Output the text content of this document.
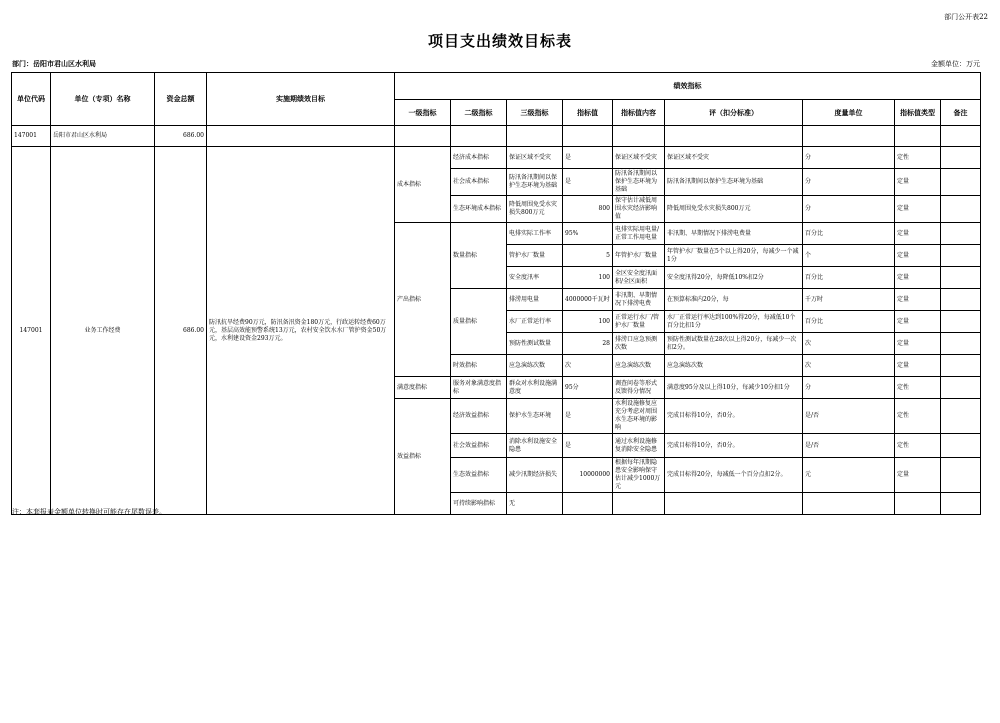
部门公开表22
项目支出绩效目标表
部门：岳阳市君山区水利局	金额单位：万元
单位代码	单位（专项）名称	资金总额	实施期绩效目标	绩效指标								
				一级指标	二级指标	三级指标	指标值	指标值内容	评（扣分标准）	度量单位	指标值类型	备注
147001	岳阳市君山区水利局	686.00										
147001	业务工作经费	686.00	防汛抗旱经费90万元，防汛备汛资金180万元，行政运转经费60万元，基层高效能预警系统13万元，农村安全饮水水厂管护资金50万元，水利建设资金293万元。	成本指标	经济成本指标	保证区域不受灾	是	保证区域不受灾	保证区域不受灾	分	定性	
					社会成本指标	防汛备汛期间以保护生态环境为基础	是	防汛备汛期间以保护生态环境为基础	防汛备汛期间以保护生态环境为基础	分	定量	
					生态环境成本指标	降低周围免受水灾损失800万元	800	保守估计减低周围水灾经济影响值	降低周围免受水灾损失800万元	分	定量	
				产出指标	数量指标	电排实际工作率	95%	电排实际用电量/正常工作用电量	非汛期、早期情况下排涝电费量	百分比	定量	
						管护水厂数量	5	年管护水厂数量	年管护水厂数量在5个以上得20分，每减少一个减1分	个	定量	
						安全度汛率	100	全区安全度汛面积/全区面积	安全度汛得20分，每降低10%扣2分	百分比	定量	
					质量指标	排涝用电量	4000000千瓦时	非汛期、早期情况下排涝电费	在预算标准内20分，每	千万时	定量	
						水厂正常运行率	100	正常运行水厂/管护水厂数量	水厂正常运行率达到100%得20分，每减低10个百分比扣1分	百分比	定量	
						预防性测试数量	28	排涝口应急预测次数	预防性测试数量在28次以上得20分，每减少一次扣2分。	次	定量	
					时效指标	应急演练次数	次	应急演练次数	应急演练次数	次	定量	
				满意度指标	服务对象满意度指标	群众对水利设施满意度	95分	调查问卷等形式反馈得分情况	满意度95分及以上得10分，每减少10分扣1分	分	定性	
				效益指标	经济效益指标	保护水生态环境	是	水利设施修复应充分考虑对周围水生态环境的影响	完成目标得10分，否0分。	是/否	定性	
					社会效益指标	消除水利设施安全隐患	是	通过水利设施修复消除安全隐患	完成目标得10分，否0分。	是/否	定性	
					生态效益指标	减少汛期经济损失	10000000	根据每年汛期隐患安全影响保守估计减少1000万元	完成目标得20分，每减低一个百分点扣2分。	元	定量	
					可持续影响指标	无						
注：本套报表金额单位转换时可能存在尾数误差。
